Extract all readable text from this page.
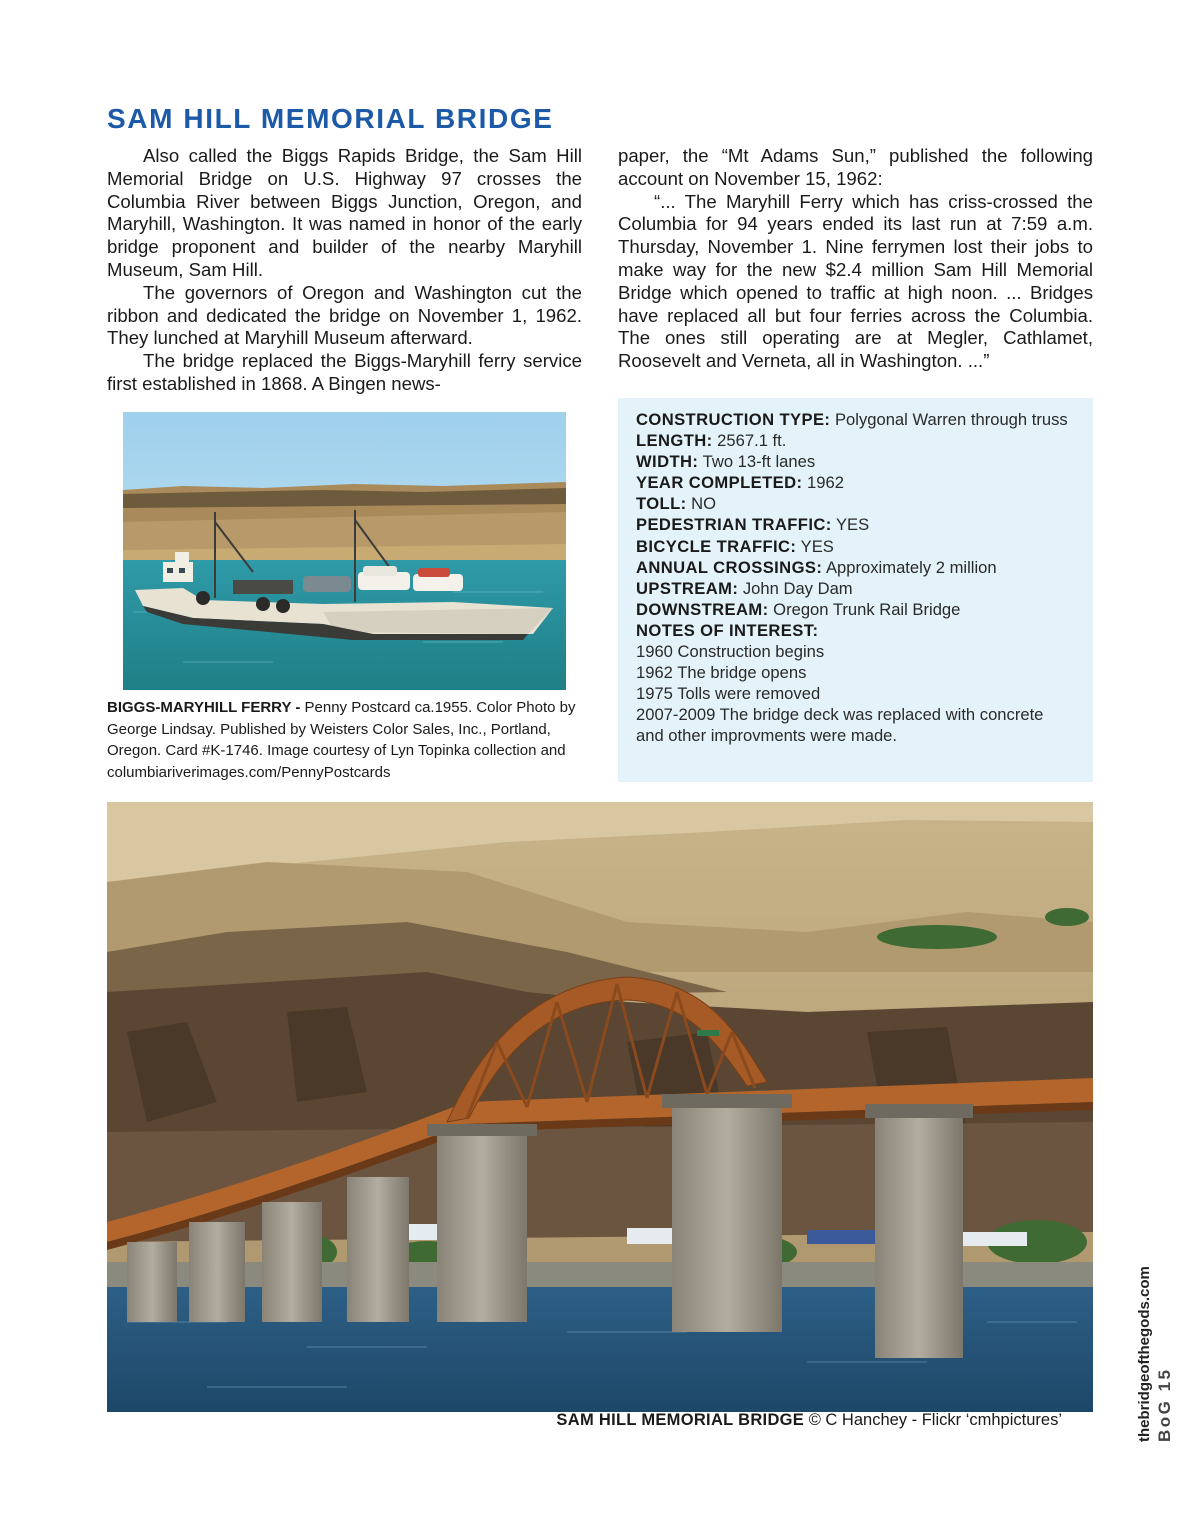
SAM HILL MEMORIAL BRIDGE

Also called the Biggs Rapids Bridge, the Sam Hill Memorial Bridge on U.S. Highway 97 crosses the Columbia River between Biggs Junction, Oregon, and Maryhill, Washington. It was named in honor of the early bridge proponent and builder of the nearby Maryhill Museum, Sam Hill.

The governors of Oregon and Washington cut the ribbon and dedicated the bridge on November 1, 1962. They lunched at Maryhill Museum afterward.

The bridge replaced the Biggs-Maryhill ferry service first established in 1868. A Bingen news-

paper, the “Mt Adams Sun,” published the following account on November 15, 1962:

“... The Maryhill Ferry which has criss-crossed the Columbia for 94 years ended its last run at 7:59 a.m. Thursday, November 1. Nine ferrymen lost their jobs to make way for the new $2.4 million Sam Hill Memorial Bridge which opened to traffic at high noon. ... Bridges have replaced all but four ferries across the Columbia. The ones still operating are at Megler, Cathlamet, Roosevelt and Verneta, all in Washington. ...”

BIGGS-MARYHILL FERRY - Penny Postcard ca.1955. Color Photo by George Lindsay. Published by Weisters Color Sales, Inc., Portland, Oregon. Card #K-1746. Image courtesy of Lyn Topinka collection and columbiariverimages.com/PennyPostcards
CONSTRUCTION TYPE: Polygonal Warren through truss
LENGTH: 2567.1 ft.
WIDTH: Two 13-ft lanes
YEAR COMPLETED: 1962
TOLL: NO
PEDESTRIAN TRAFFIC: YES
BICYCLE TRAFFIC: YES
ANNUAL CROSSINGS: Approximately 2 million
UPSTREAM: John Day Dam
DOWNSTREAM: Oregon Trunk Rail Bridge
NOTES OF INTEREST:
1960 Construction begins
1962 The bridge opens
1975 Tolls were removed
2007-2009 The bridge deck was replaced with concrete and other improvments were made.
SAM HILL MEMORIAL BRIDGE © C Hanchey - Flickr ‘cmhpictures’	thebridgeofthegods.com BoG 15
